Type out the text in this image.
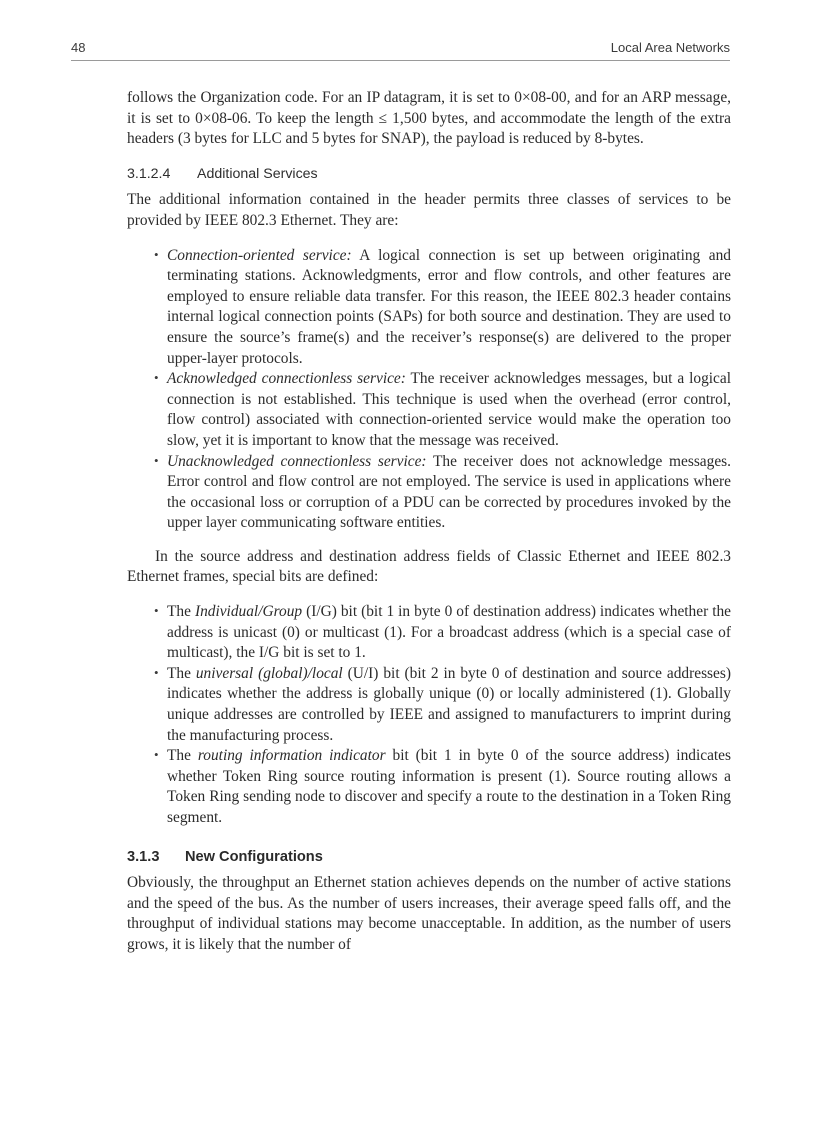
48	Local Area Networks

follows the Organization code. For an IP datagram, it is set to 0×08-00, and for an ARP message, it is set to 0×08-06. To keep the length ≤ 1,500 bytes, and accommodate the length of the extra headers (3 bytes for LLC and 5 bytes for SNAP), the payload is reduced by 8-bytes.

3.1.2.4 Additional Services

The additional information contained in the header permits three classes of services to be provided by IEEE 802.3 Ethernet. They are:

• Connection-oriented service: A logical connection is set up between originating and terminating stations. Acknowledgments, error and flow controls, and other features are employed to ensure reliable data transfer. For this reason, the IEEE 802.3 header contains internal logical connection points (SAPs) for both source and destination. They are used to ensure the source’s frame(s) and the receiver’s response(s) are delivered to the proper upper-layer protocols.
• Acknowledged connectionless service: The receiver acknowledges messages, but a logical connection is not established. This technique is used when the overhead (error control, flow control) associated with connection-oriented service would make the operation too slow, yet it is important to know that the message was received.
• Unacknowledged connectionless service: The receiver does not acknowledge messages. Error control and flow control are not employed. The service is used in applications where the occasional loss or corruption of a PDU can be corrected by procedures invoked by the upper layer communicating software entities.

In the source address and destination address fields of Classic Ethernet and IEEE 802.3 Ethernet frames, special bits are defined:

• The Individual/Group (I/G) bit (bit 1 in byte 0 of destination address) indicates whether the address is unicast (0) or multicast (1). For a broadcast address (which is a special case of multicast), the I/G bit is set to 1.
• The universal (global)/local (U/I) bit (bit 2 in byte 0 of destination and source addresses) indicates whether the address is globally unique (0) or locally administered (1). Globally unique addresses are controlled by IEEE and assigned to manufacturers to imprint during the manufacturing process.
• The routing information indicator bit (bit 1 in byte 0 of the source address) indicates whether Token Ring source routing information is present (1). Source routing allows a Token Ring sending node to discover and specify a route to the destination in a Token Ring segment.
3.1.3 New Configurations

Obviously, the throughput an Ethernet station achieves depends on the number of active stations and the speed of the bus. As the number of users increases, their average speed falls off, and the throughput of individual stations may become unacceptable. In addition, as the number of users grows, it is likely that the number of
